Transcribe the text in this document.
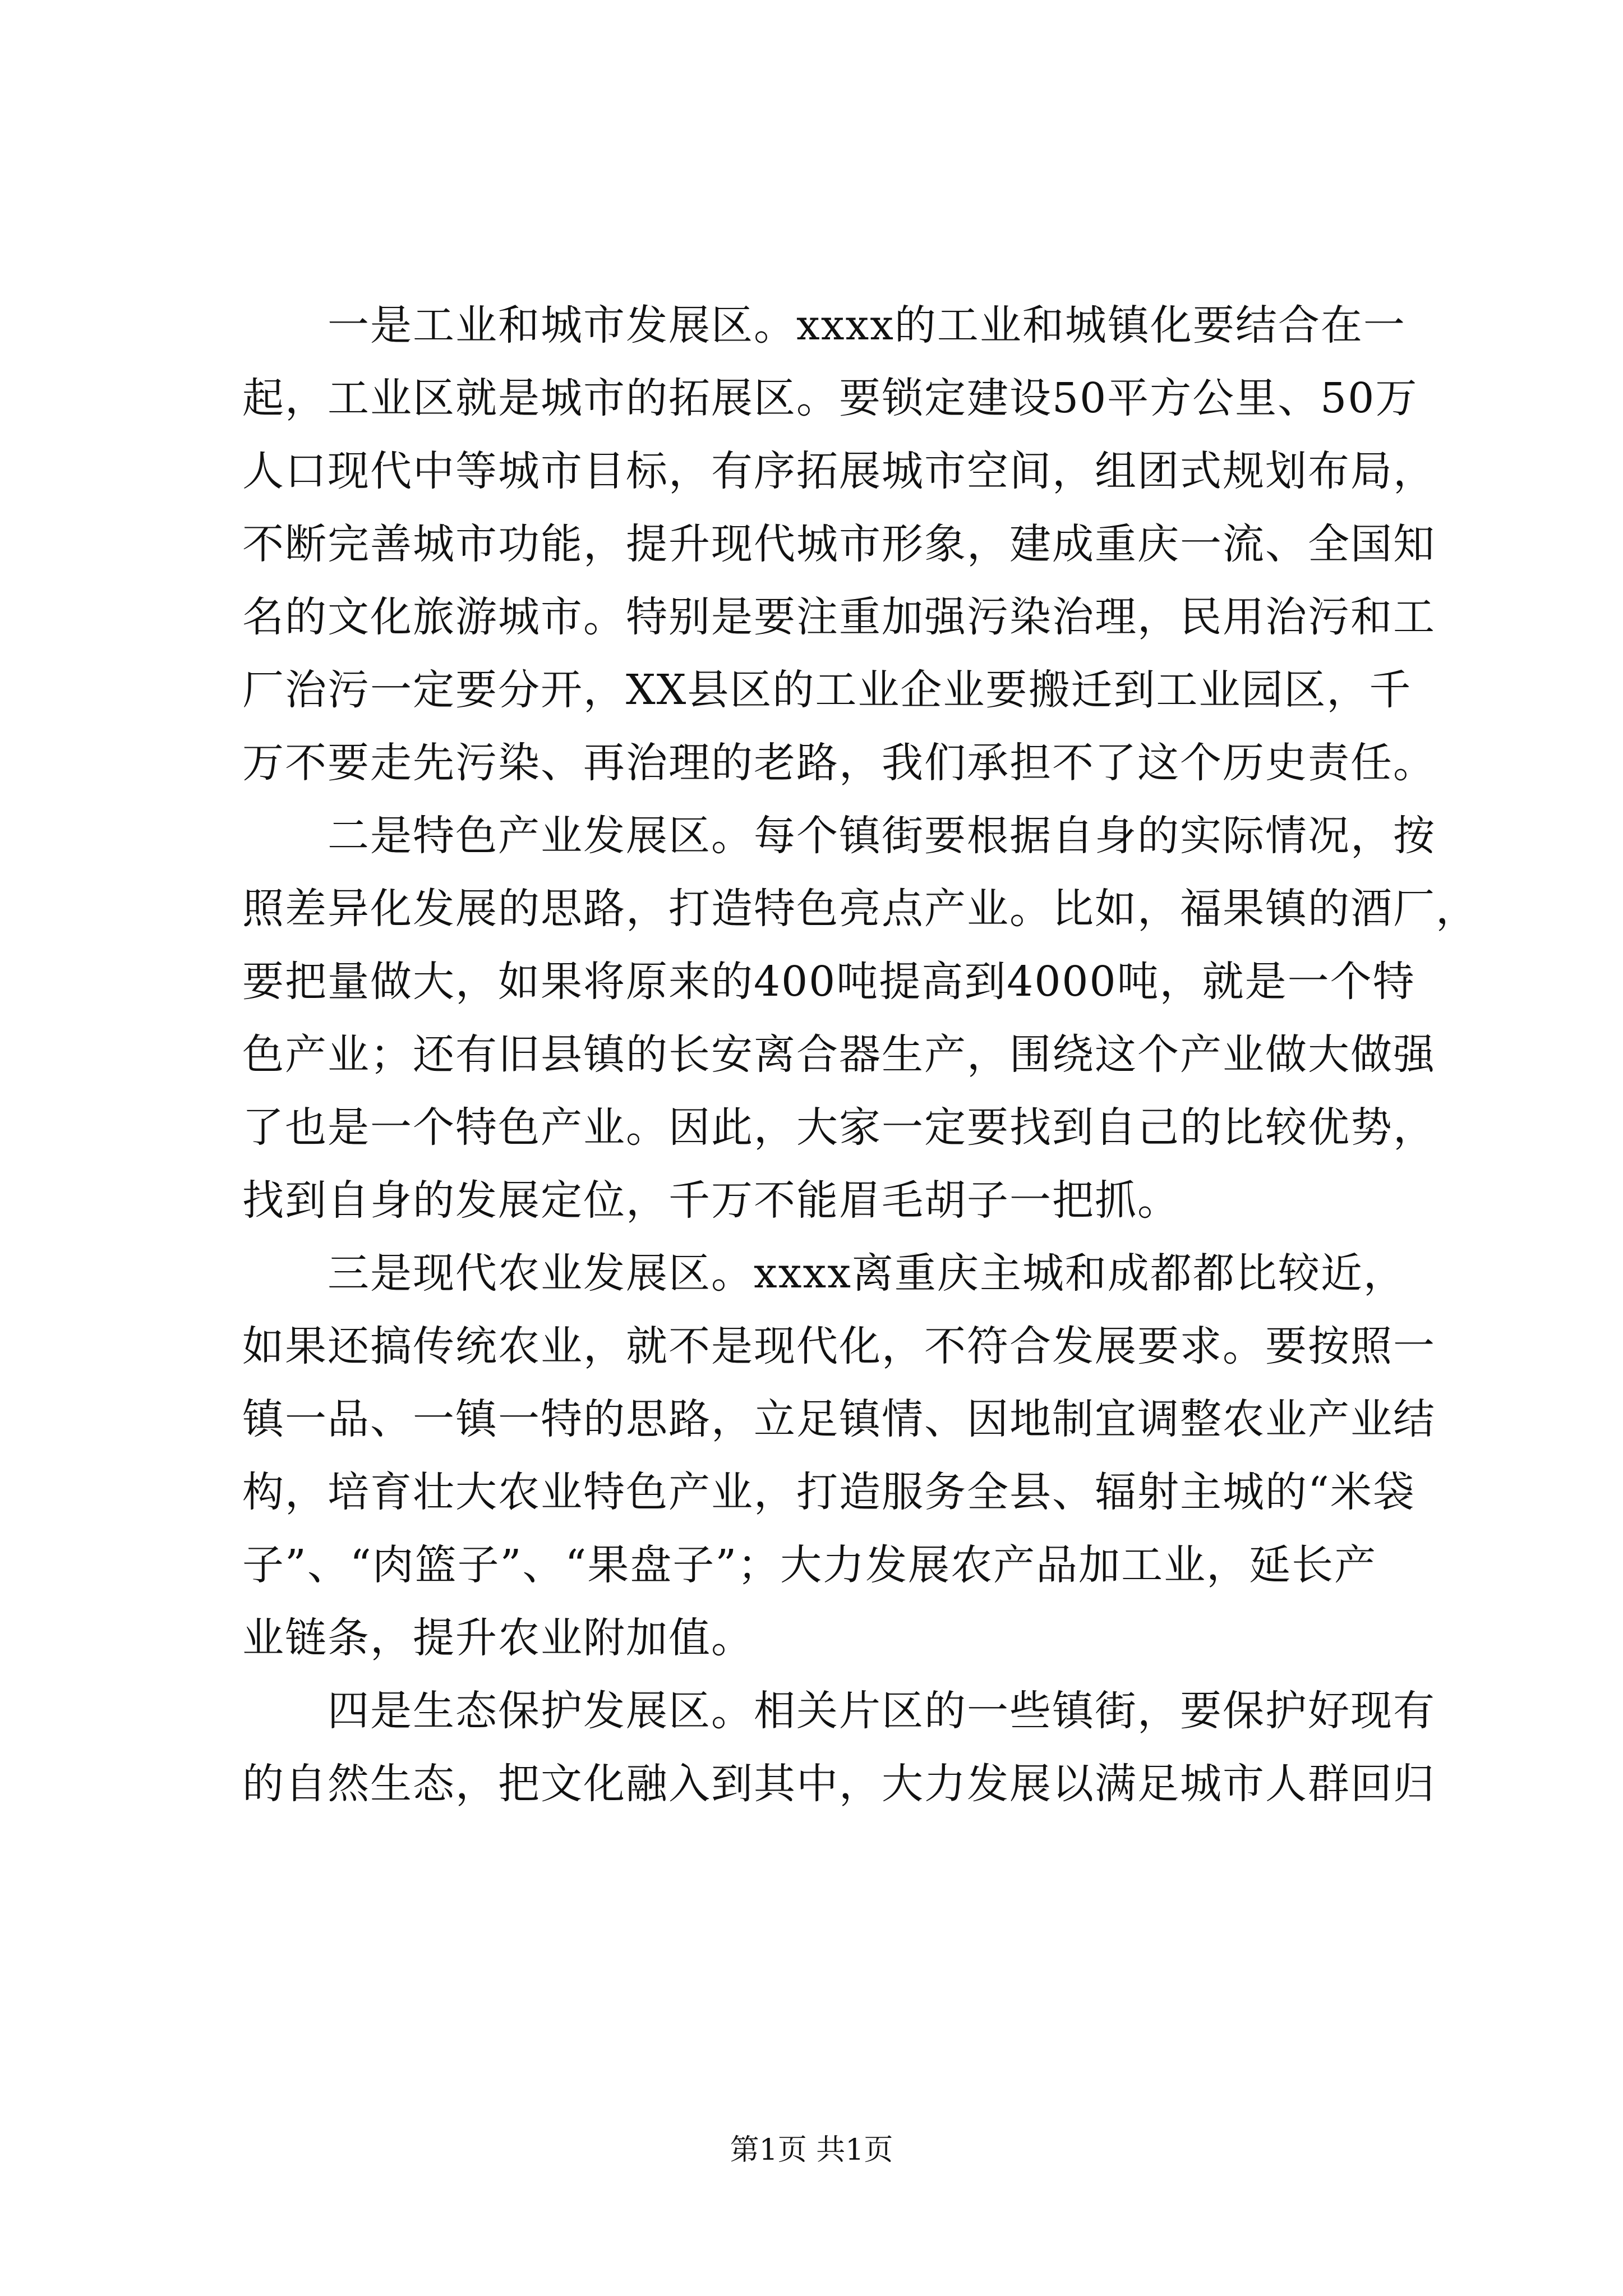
　　一是工业和城市发展区。xxxx的工业和城镇化要结合在一
起，工业区就是城市的拓展区。要锁定建设50平方公里、50万
人口现代中等城市目标，有序拓展城市空间，组团式规划布局，
不断完善城市功能，提升现代城市形象，建成重庆一流、全国知
名的文化旅游城市。特别是要注重加强污染治理，民用治污和工
厂治污一定要分开，XX县区的工业企业要搬迁到工业园区，千
万不要走先污染、再治理的老路，我们承担不了这个历史责任。
　　二是特色产业发展区。每个镇街要根据自身的实际情况，按
照差异化发展的思路，打造特色亮点产业。比如，福果镇的酒厂，
要把量做大，如果将原来的400吨提高到4000吨，就是一个特
色产业；还有旧县镇的长安离合器生产，围绕这个产业做大做强
了也是一个特色产业。因此，大家一定要找到自己的比较优势，
找到自身的发展定位，千万不能眉毛胡子一把抓。
　　三是现代农业发展区。xxxx离重庆主城和成都都比较近，
如果还搞传统农业，就不是现代化，不符合发展要求。要按照一
镇一品、一镇一特的思路，立足镇情、因地制宜调整农业产业结
构，培育壮大农业特色产业，打造服务全县、辐射主城的“米袋
子”、“肉篮子”、“果盘子”；大力发展农产品加工业，延长产
业链条，提升农业附加值。
　　四是生态保护发展区。相关片区的一些镇街，要保护好现有
的自然生态，把文化融入到其中，大力发展以满足城市人群回归
第1页 共1页
